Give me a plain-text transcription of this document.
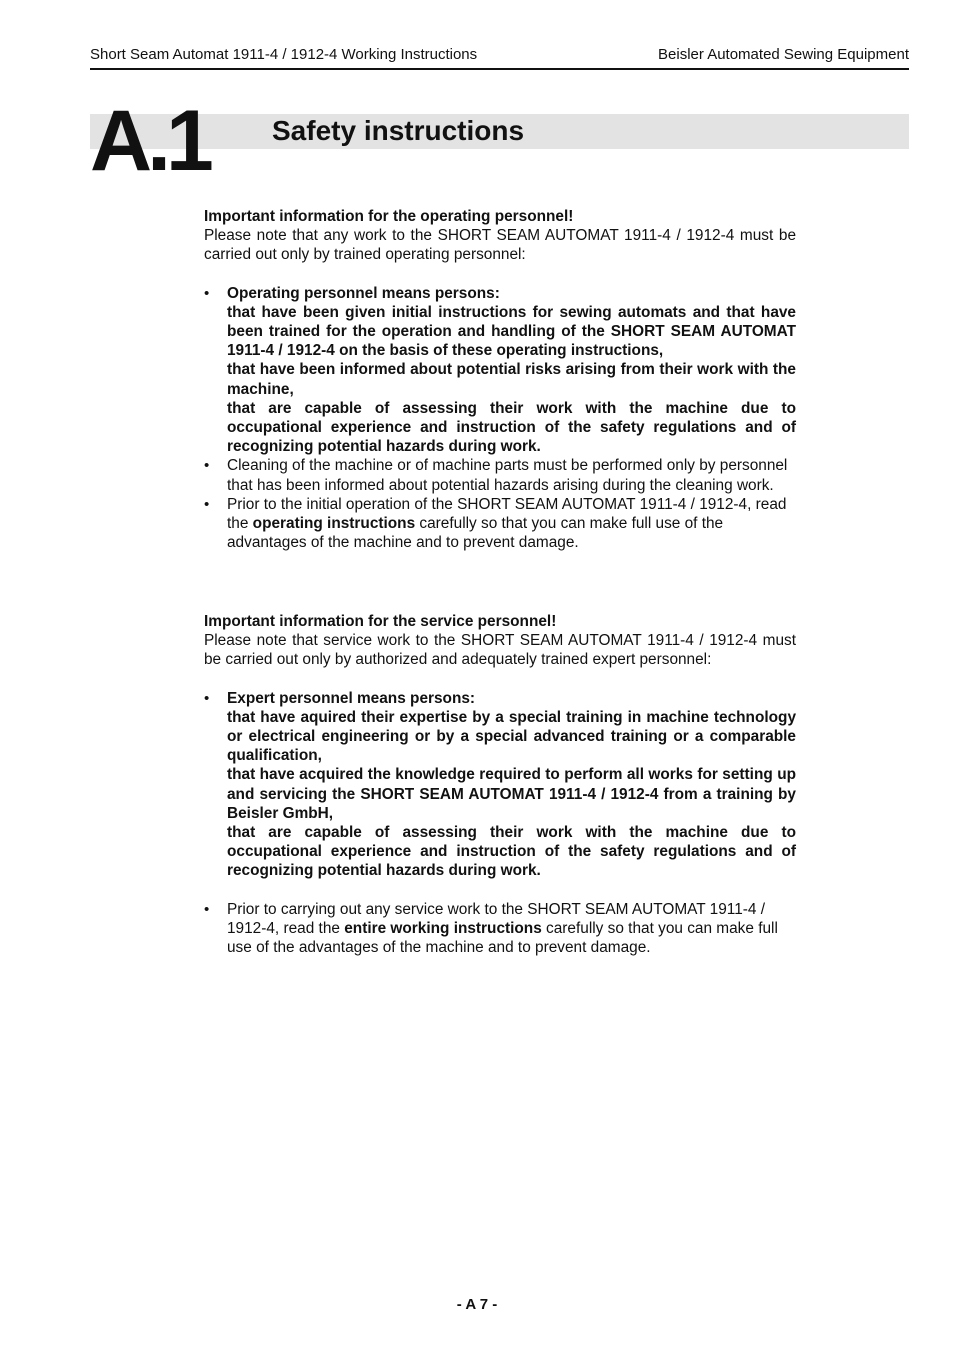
Short Seam Automat 1911-4 / 1912-4 Working Instructions	Beisler Automated Sewing Equipment
A.1 Safety instructions

Important information for the operating personnel!

Please note that any work to the SHORT SEAM AUTOMAT 1911-4 / 1912-4 must be carried out only by trained operating personnel:

• Operating personnel means persons:

that have been given initial instructions for sewing automats and that have been trained for the operation and handling of the SHORT SEAM AUTOMAT 1911-4 / 1912-4 on the basis of these operating instructions,

that have been informed about potential risks arising from their work with the machine,

that are capable of assessing their work with the machine due to occupational experience and instruction of the safety regulations and of recognizing potential hazards during work.

• Cleaning of the machine or of machine parts must be performed only by personnel that has been informed about potential hazards arising during the cleaning work.
• Prior to the initial operation of the SHORT SEAM AUTOMAT 1911-4 / 1912-4, read the operating instructions carefully so that you can make full use of the advantages of the machine and to prevent damage.

Important information for the service personnel!

Please note that service work to the SHORT SEAM AUTOMAT 1911-4 / 1912-4 must be carried out only by authorized and adequately trained expert personnel:

• Expert personnel means persons:

that have aquired their expertise by a special training in machine technology or electrical engineering or by a special advanced training or a comparable qualification,

that have acquired the knowledge required to perform all works for setting up and servicing the SHORT SEAM AUTOMAT 1911-4 / 1912-4 from a training by Beisler GmbH,

that are capable of assessing their work with the machine due to occupational experience and instruction of the safety regulations and of recognizing potential hazards during work.

• Prior to carrying out any service work to the SHORT SEAM AUTOMAT 1911-4 / 1912-4, read the entire working instructions carefully so that you can make full use of the advantages of the machine and to prevent damage.
- A 7 -
